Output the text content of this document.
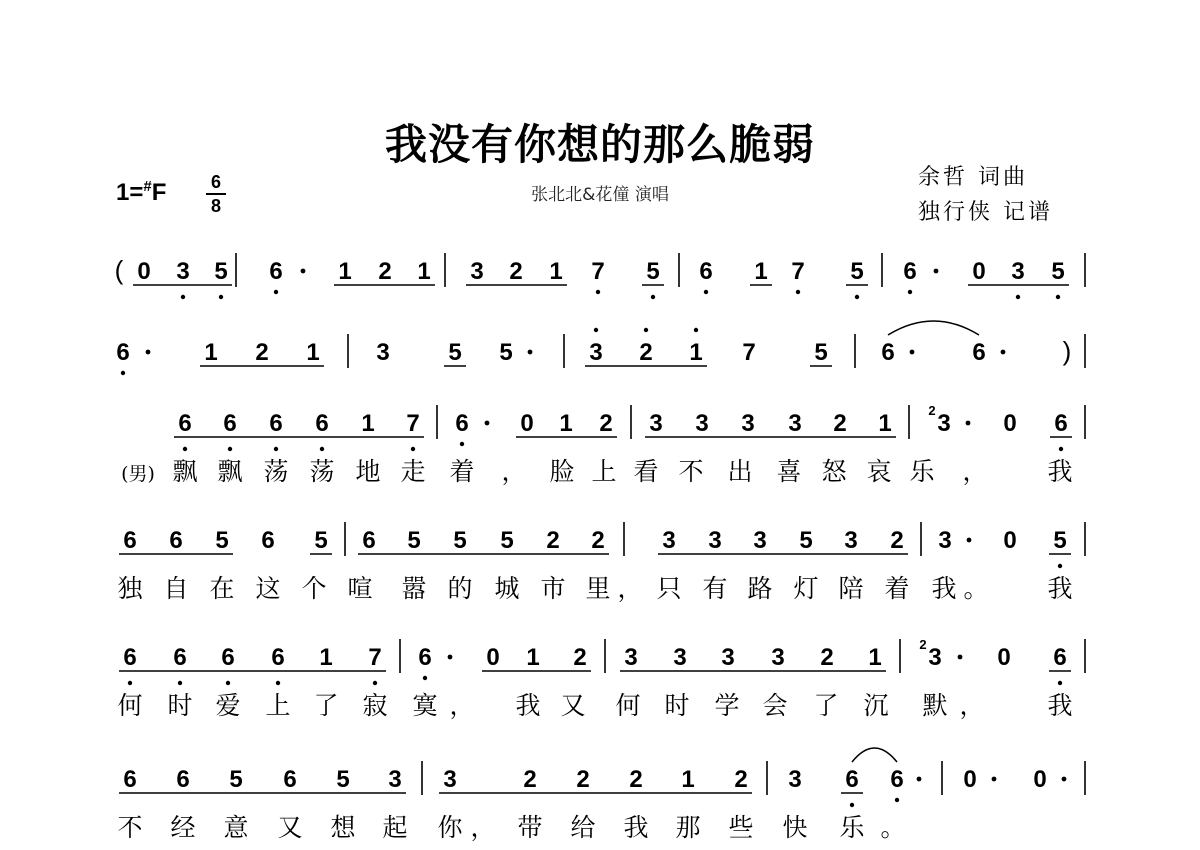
我没有你想的那么脆弱
张北北&花僮 演唱
余哲 词曲
独行侠 记谱
1=#F	6
8
( 0 3 5 6 1 2 1 3 2 1 7 5 6 1 7 5 6 0 3 5
6	1 2 1 3 5 5	3 2 1 7 5 6	6	)
6 6 6 6 1 7 6 0 1 2 3 3 3 3 2 1 3
2	0 6
6 6 5 6 5 6 5 5 5 2 2 3 3 3 5 3 2 3 0 5
6 6 6 6 1 7 6 0 1 2 3 3 3 3 2 1 3
2	0 6
6 6 5 6 5 3 3	2 2 2 1 2 3 6 6 0 0
(男) 飘 飘 荡 荡 地 走 着 ， 脸 上 看 不 出 喜 怒 哀 乐 ， 我
独 自 在 这 个 喧 嚣 的 城 市 里 ， 只 有 路 灯 陪 着 我 。 我
何 时 爱 上 了 寂 寞 ， 我 又 何 时 学 会 了 沉 默 ，	我
不 经 意 又 想 起 你 ， 带 给 我 那 些 快 乐 。
